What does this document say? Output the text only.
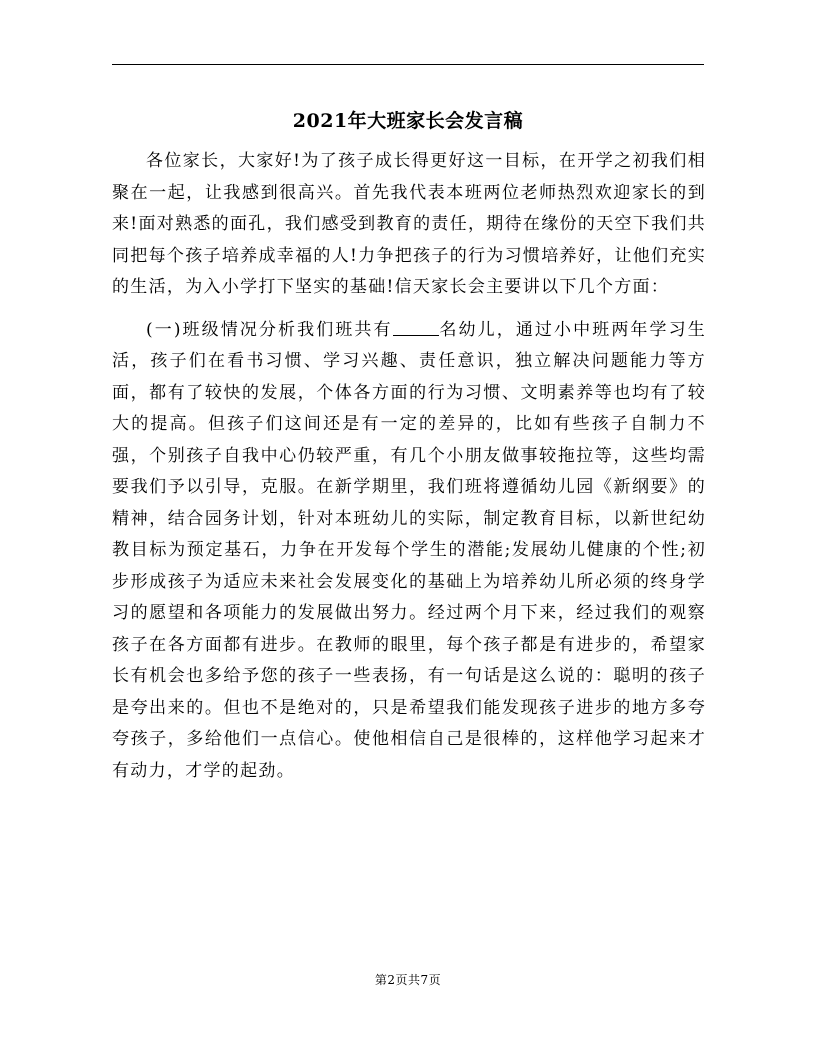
2021年大班家长会发言稿

各位家长，大家好!为了孩子成长得更好这一目标，在开学之初我们相聚在一起，让我感到很高兴。首先我代表本班两位老师热烈欢迎家长的到来!面对熟悉的面孔，我们感受到教育的责任，期待在缘份的天空下我们共同把每个孩子培养成幸福的人!力争把孩子的行为习惯培养好，让他们充实的生活，为入小学打下坚实的基础!信天家长会主要讲以下几个方面：

(一)班级情况分析我们班共有	名幼儿，通过小中班两年学习生活，孩子们在看书习惯、学习兴趣、责任意识，独立解决问题能力等方面，都有了较快的发展，个体各方面的行为习惯、文明素养等也均有了较大的提高。但孩子们这间还是有一定的差异的，比如有些孩子自制力不强，个别孩子自我中心仍较严重，有几个小朋友做事较拖拉等，这些均需要我们予以引导，克服。在新学期里，我们班将遵循幼儿园《新纲要》的精神，结合园务计划，针对本班幼儿的实际，制定教育目标，以新世纪幼教目标为预定基石，力争在开发每个学生的潜能;发展幼儿健康的个性;初步形成孩子为适应未来社会发展变化的基础上为培养幼儿所必须的终身学习的愿望和各项能力的发展做出努力。经过两个月下来，经过我们的观察孩子在各方面都有进步。在教师的眼里，每个孩子都是有进步的，希望家长有机会也多给予您的孩子一些表扬，有一句话是这么说的：聪明的孩子是夸出来的。但也不是绝对的，只是希望我们能发现孩子进步的地方多夸夸孩子，多给他们一点信心。使他相信自己是很棒的，这样他学习起来才有动力，才学的起劲。

第2页共7页
